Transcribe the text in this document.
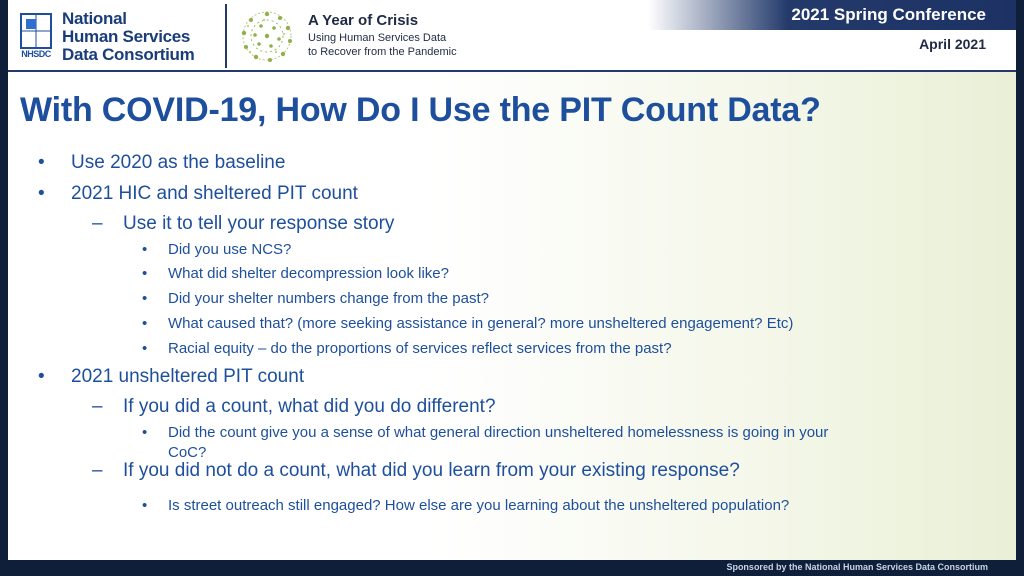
NHSDC
National
Human Services
Data Consortium
A Year of Crisis
Using Human Services Data
to Recover from the Pandemic
2021 Spring Conference
April 2021
With COVID-19, How Do I Use the PIT Count Data?
• Use 2020 as the baseline
• 2021 HIC and sheltered PIT count
– Use it to tell your response story
• Did you use NCS?
• What did shelter decompression look like?
• Did your shelter numbers change from the past?
• What caused that? (more seeking assistance in general? more unsheltered engagement? Etc)
• Racial equity – do the proportions of services reflect services from the past?
• 2021 unsheltered PIT count
– If you did a count, what did you do different?
• Did the count give you a sense of what general direction unsheltered homelessness is going in your
CoC?
– If you did not do a count, what did you learn from your existing response?
• Is street outreach still engaged? How else are you learning about the unsheltered population?
Sponsored by the National Human Services Data Consortium
